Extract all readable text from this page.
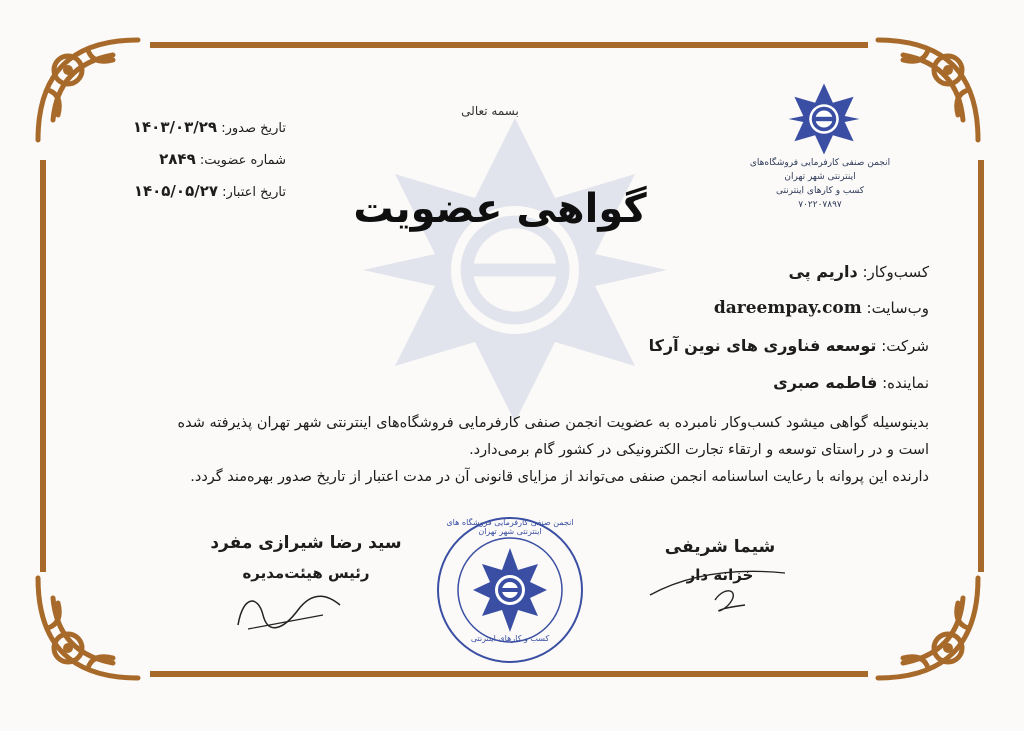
بسمه تعالی
گواهی عضویت
تاریخ صدور: ۱۴۰۳/۰۳/۲۹
شماره عضویت: ۲۸۴۹
تاریخ اعتبار: ۱۴۰۵/۰۵/۲۷
انجمن صنفی کارفرمایی فروشگاه‌های اینترنتی شهر تهران
کسب و کارهای اینترنتی
۷۰۲۲۰۷۸۹۷
کسب‌وکار: داریم پی
وب‌سایت: dareempay.com
شرکت: توسعه فناوری های نوین آرکا
نماینده: فاطمه صبری
بدینوسیله گواهی میشود کسب‌وکار نامبرده به عضویت انجمن صنفی کارفرمایی فروشگاه‌های اینترنتی شهر تهران پذیرفته شده
است و در راستای توسعه و ارتقاء تجارت الکترونیکی در کشور گام برمی‌دارد.
دارنده این پروانه با رعایت اساسنامه انجمن صنفی می‌تواند از مزایای قانونی آن در مدت اعتبار از تاریخ صدور بهره‌مند گردد.
سید رضا شیرازی مفرد
رئیس هیئت‌مدیره
شیما شریفی
خزانه دار
انجمن صنفی کارفرمایی فروشگاه های اینترنتی شهر تهران
کسب و کارهای اینترنتی
